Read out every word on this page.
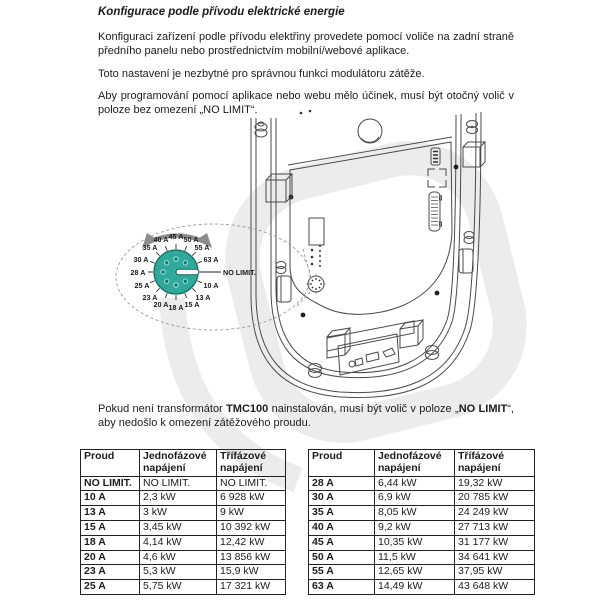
45 A 50 A
55 A
63 A
NO LIMIT.
10 A
13 A
15 A
18 A
20 A
23 A
25 A
28 A
30 A
35 A
40 A
Konfigurace podle přívodu elektrické energie

Konfiguraci zařízení podle přívodu elektřiny provedete pomocí voliče na zadní straně předního panelu nebo prostřednictvím mobilní/webové aplikace.

Toto nastavení je nezbytné pro správnou funkci modulátoru zátěže.

Aby programování pomocí aplikace nebo webu mělo účinek, musí být otočný volič v poloze bez omezení „NO LIMIT“.

Pokud není transformátor TMC100 nainstalován, musí být volič v poloze „NO LIMIT“, aby nedošlo k omezení zátěžového proudu.

Proud	Jednofázové napájení	Třífázové napájení
NO LIMIT.	NO LIMIT.	NO LIMIT.
10 A	2,3 kW	6 928 kW
13 A	3 kW	9 kW
15 A	3,45 kW	10 392 kW
18 A	4,14 kW	12,42 kW
20 A	4,6 kW	13 856 kW
23 A	5,3 kW	15,9 kW
25 A	5,75 kW	17 321 kW
Proud	Jednofázové napájení	Třífázové napájení
28 A	6,44 kW	19,32 kW
30 A	6,9 kW	20 785 kW
35 A	8,05 kW	24 249 kW
40 A	9,2 kW	27 713 kW
45 A	10,35 kW	31 177 kW
50 A	11,5 kW	34 641 kW
55 A	12,65 kW	37,95 kW
63 A	14,49 kW	43 648 kW
